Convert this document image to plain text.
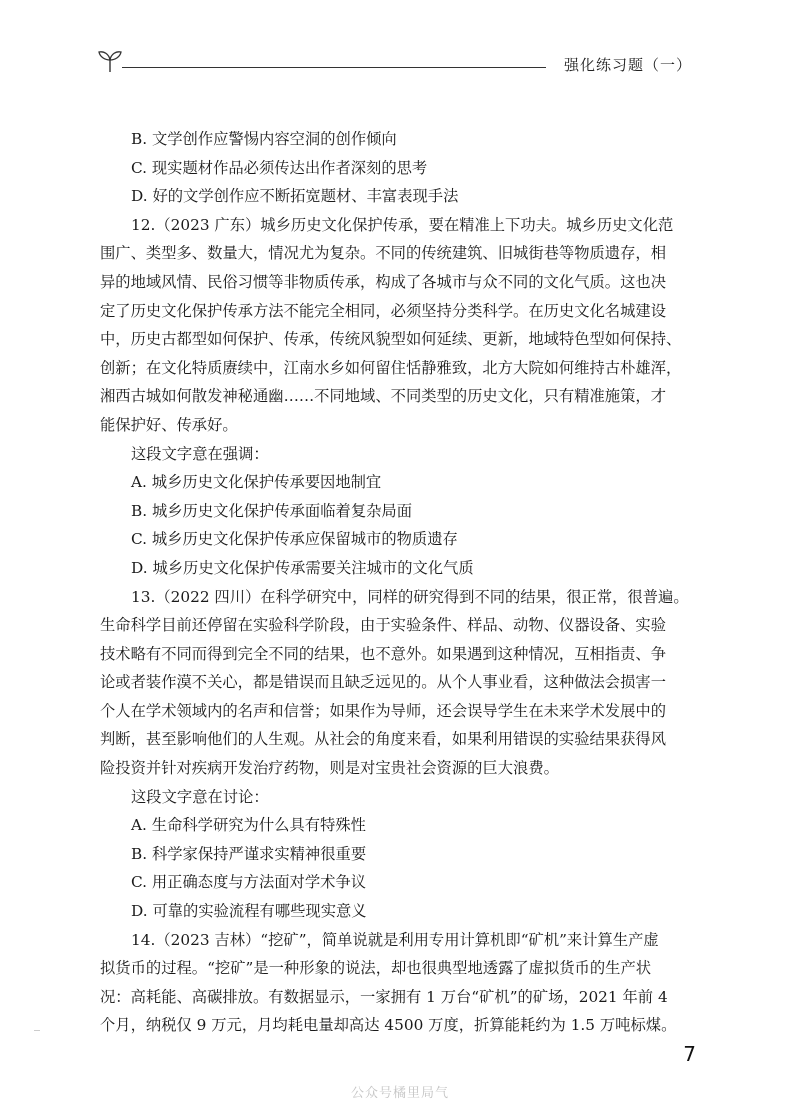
强化练习题（一）
B. 文学创作应警惕内容空洞的创作倾向
C. 现实题材作品必须传达出作者深刻的思考
D. 好的文学创作应不断拓宽题材、丰富表现手法
12.（2023 广东）城乡历史文化保护传承，要在精准上下功夫。城乡历史文化范
围广、类型多、数量大，情况尤为复杂。不同的传统建筑、旧城街巷等物质遗存，相
异的地域风情、民俗习惯等非物质传承，构成了各城市与众不同的文化气质。这也决
定了历史文化保护传承方法不能完全相同，必须坚持分类科学。在历史文化名城建设
中，历史古都型如何保护、传承，传统风貌型如何延续、更新，地域特色型如何保持、
创新；在文化特质赓续中，江南水乡如何留住恬静雅致，北方大院如何维持古朴雄浑，
湘西古城如何散发神秘通幽……不同地域、不同类型的历史文化，只有精准施策，才
能保护好、传承好。
这段文字意在强调：
A. 城乡历史文化保护传承要因地制宜
B. 城乡历史文化保护传承面临着复杂局面
C. 城乡历史文化保护传承应保留城市的物质遗存
D. 城乡历史文化保护传承需要关注城市的文化气质
13.（2022 四川）在科学研究中，同样的研究得到不同的结果，很正常，很普遍。
生命科学目前还停留在实验科学阶段，由于实验条件、样品、动物、仪器设备、实验
技术略有不同而得到完全不同的结果，也不意外。如果遇到这种情况，互相指责、争
论或者装作漠不关心，都是错误而且缺乏远见的。从个人事业看，这种做法会损害一
个人在学术领域内的名声和信誉；如果作为导师，还会误导学生在未来学术发展中的
判断，甚至影响他们的人生观。从社会的角度来看，如果利用错误的实验结果获得风
险投资并针对疾病开发治疗药物，则是对宝贵社会资源的巨大浪费。
这段文字意在讨论：
A. 生命科学研究为什么具有特殊性
B. 科学家保持严谨求实精神很重要
C. 用正确态度与方法面对学术争议
D. 可靠的实验流程有哪些现实意义
14.（2023 吉林）“挖矿”，简单说就是利用专用计算机即“矿机”来计算生产虚
拟货币的过程。“挖矿”是一种形象的说法，却也很典型地透露了虚拟货币的生产状
况：高耗能、高碳排放。有数据显示，一家拥有 1 万台“矿机”的矿场，2021 年前 4
个月，纳税仅 9 万元，月均耗电量却高达 4500 万度，折算能耗约为 1.5 万吨标煤。
7
公众号橘里局气
